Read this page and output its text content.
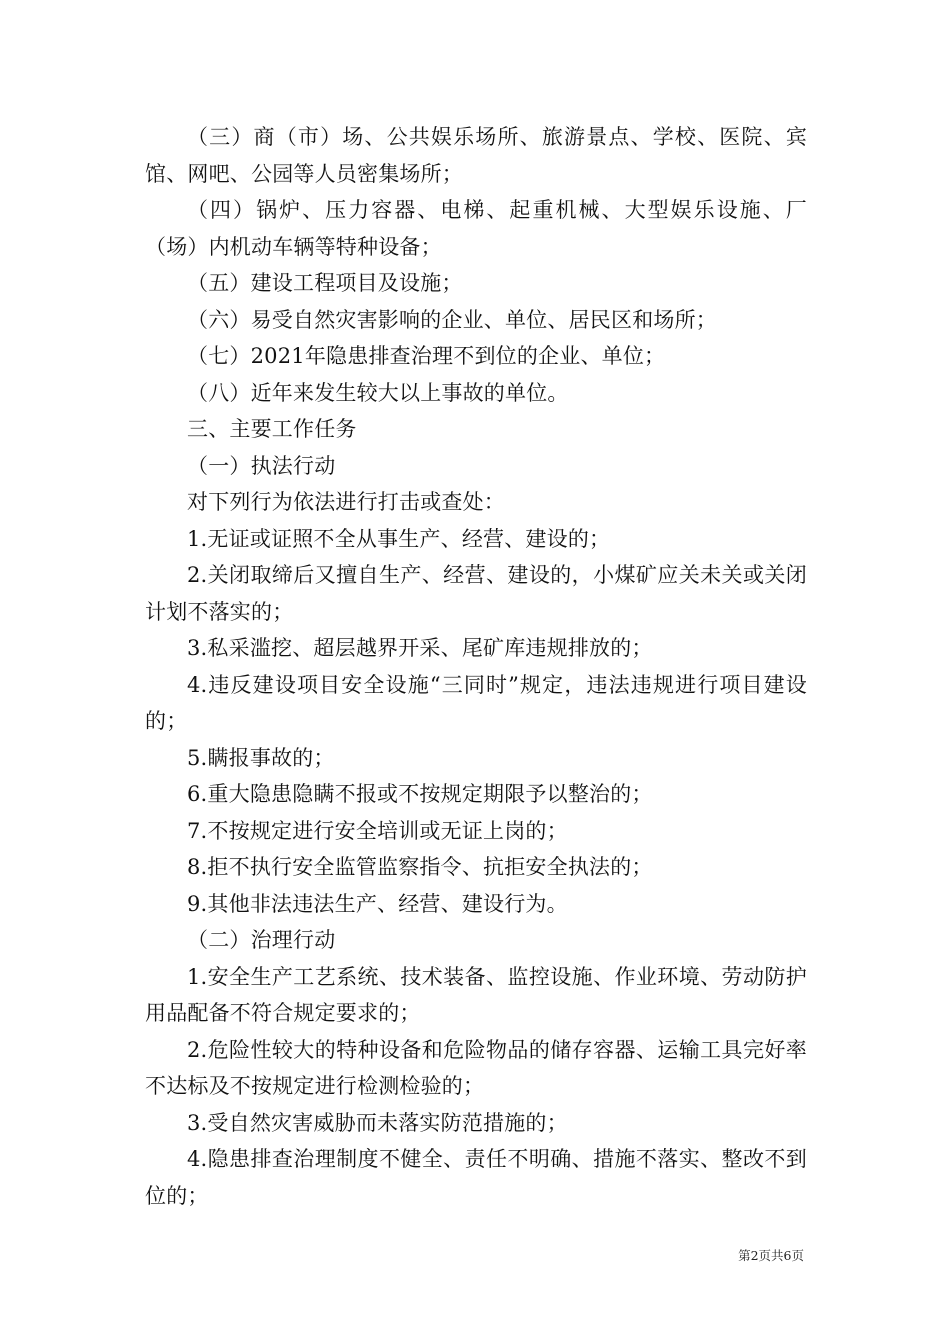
（三）商（市）场、公共娱乐场所、旅游景点、学校、医院、宾馆、网吧、公园等人员密集场所；

（四）锅炉、压力容器、电梯、起重机械、大型娱乐设施、厂（场）内机动车辆等特种设备；

（五）建设工程项目及设施；

（六）易受自然灾害影响的企业、单位、居民区和场所；

（七）2021年隐患排查治理不到位的企业、单位；

（八）近年来发生较大以上事故的单位。

三、主要工作任务

（一）执法行动

对下列行为依法进行打击或查处：

1.无证或证照不全从事生产、经营、建设的；

2.关闭取缔后又擅自生产、经营、建设的，小煤矿应关未关或关闭计划不落实的；

3.私采滥挖、超层越界开采、尾矿库违规排放的；

4.违反建设项目安全设施“三同时”规定，违法违规进行项目建设的；

5.瞒报事故的；

6.重大隐患隐瞒不报或不按规定期限予以整治的；

7.不按规定进行安全培训或无证上岗的；

8.拒不执行安全监管监察指令、抗拒安全执法的；

9.其他非法违法生产、经营、建设行为。

（二）治理行动

1.安全生产工艺系统、技术装备、监控设施、作业环境、劳动防护用品配备不符合规定要求的；

2.危险性较大的特种设备和危险物品的储存容器、运输工具完好率不达标及不按规定进行检测检验的；

3.受自然灾害威胁而未落实防范措施的；

4.隐患排查治理制度不健全、责任不明确、措施不落实、整改不到位的；

第2页共6页
